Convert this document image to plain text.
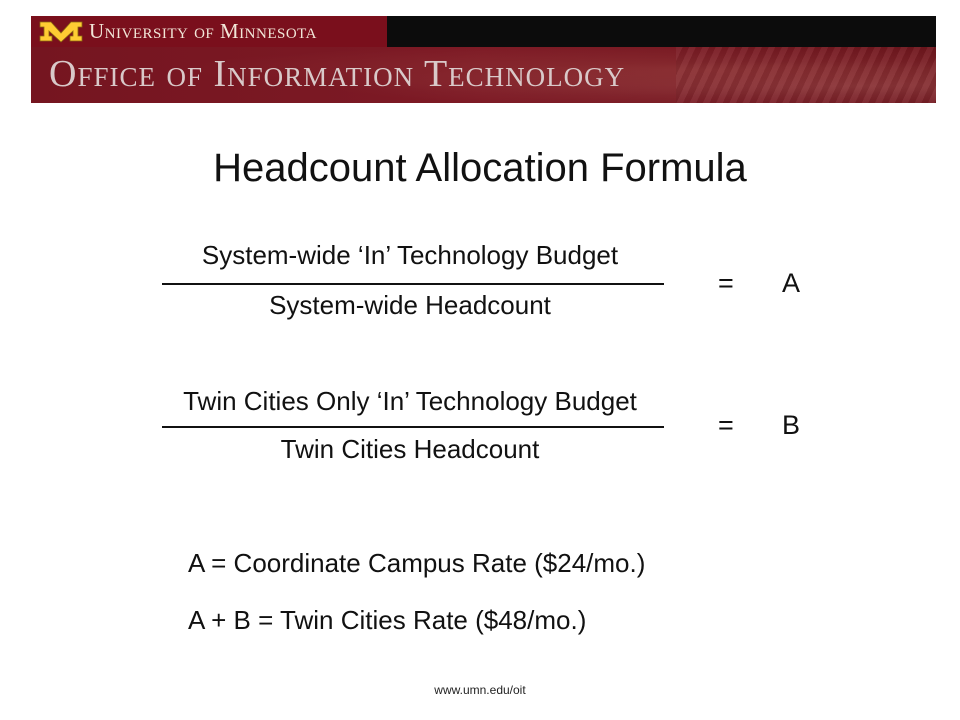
University of Minnesota
Office of Information Technology
Headcount Allocation Formula
System-wide ‘In’ Technology Budget
System-wide Headcount
= A
Twin Cities Only ‘In’ Technology Budget
Twin Cities Headcount
= B
A = Coordinate Campus Rate ($24/mo.)
A + B = Twin Cities Rate ($48/mo.)
www.umn.edu/oit
